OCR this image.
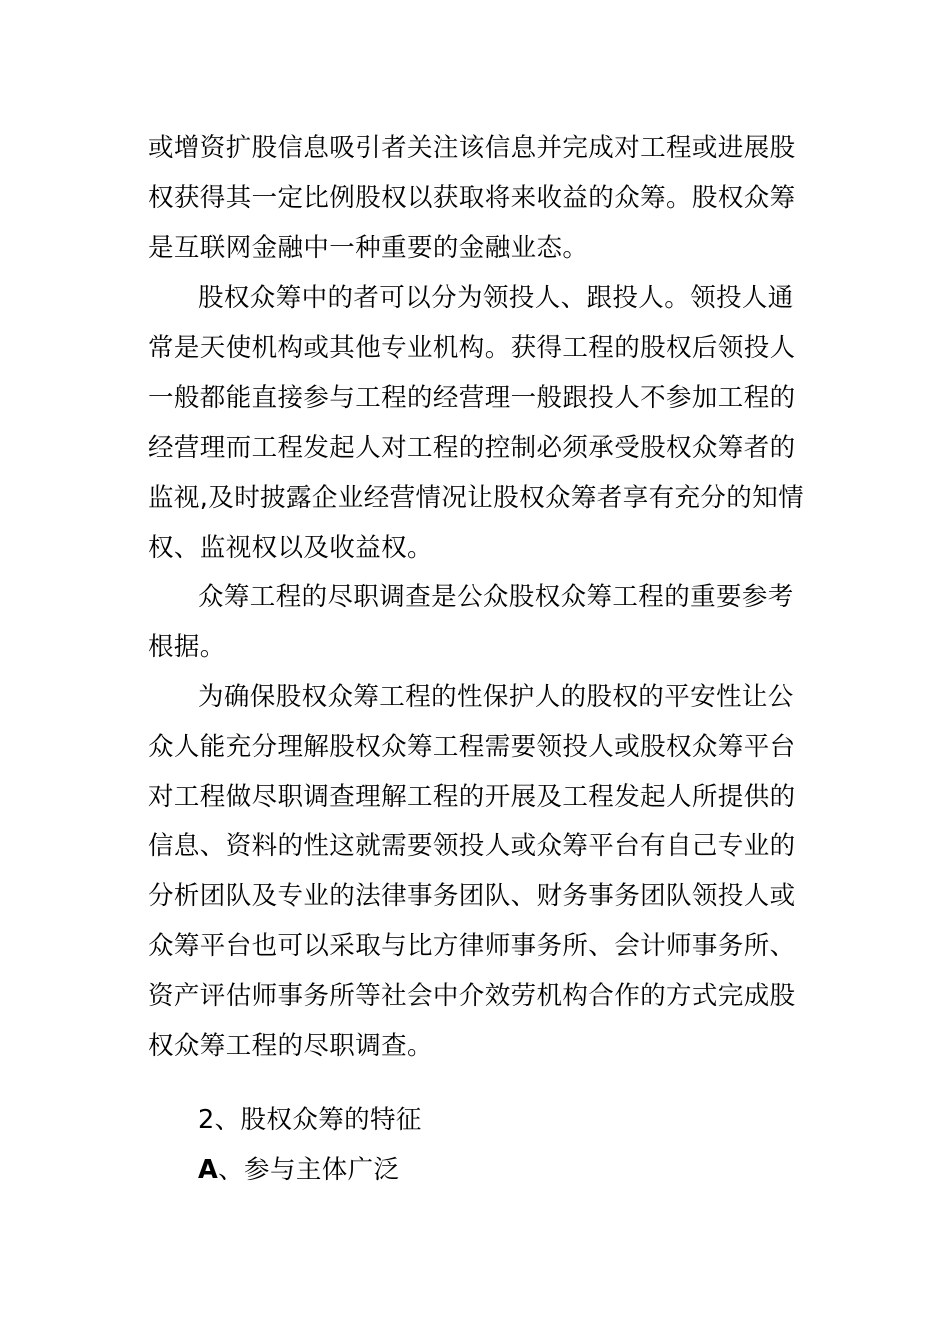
或增资扩股信息吸引者关注该信息并完成对工程或进展股
权获得其一定比例股权以获取将来收益的众筹。股权众筹
是互联网金融中一种重要的金融业态。
股权众筹中的者可以分为领投人、跟投人。领投人通
常是天使机构或其他专业机构。获得工程的股权后领投人
一般都能直接参与工程的经营理一般跟投人不参加工程的
经营理而工程发起人对工程的控制必须承受股权众筹者的
监视,及时披露企业经营情况让股权众筹者享有充分的知情
权、监视权以及收益权。
众筹工程的尽职调查是公众股权众筹工程的重要参考
根据。
为确保股权众筹工程的性保护人的股权的平安性让公
众人能充分理解股权众筹工程需要领投人或股权众筹平台
对工程做尽职调查理解工程的开展及工程发起人所提供的
信息、资料的性这就需要领投人或众筹平台有自己专业的
分析团队及专业的法律事务团队、财务事务团队领投人或
众筹平台也可以采取与比方律师事务所、会计师事务所、
资产评估师事务所等社会中介效劳机构合作的方式完成股
权众筹工程的尽职调查。
2、股权众筹的特征
A、参与主体广泛
